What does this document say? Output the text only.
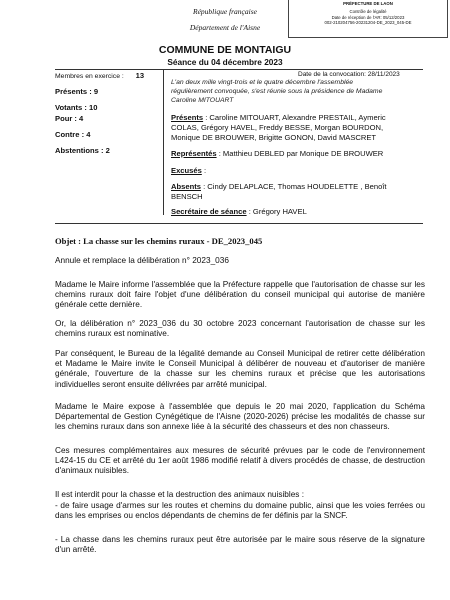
PRÉFECTURE DE LAON
Contrôle de légalité
Date de réception de l'AR: 05/12/2023
002-210204756-20231204-DE_2023_045-DE
République française
Département de l'Aisne
COMMUNE DE MONTAIGU
Séance du 04 décembre 2023
Membres en exercice : 13
Présents : 9
Votants : 10
Pour : 4
Contre : 4
Abstentions : 2
Date de la convocation: 28/11/2023
L'an deux mille vingt-trois et le quatre décembre l'assemblée
régulièrement convoquée, s'est réunie sous la présidence de Madame
Caroline MITOUART
Présents : Caroline MITOUART, Alexandre PRESTAIL, Aymeric
COLAS, Grégory HAVEL, Freddy BESSE, Morgan BOURDON,
Monique DE BROUWER, Brigitte GONON, David MASCRET
Représentés : Matthieu DEBLED par Monique DE BROUWER
Excusés :
Absents : Cindy DELAPLACE, Thomas HOUDELETTE , Benoît
BENSCH
Secrétaire de séance : Grégory HAVEL
Objet : La chasse sur les chemins ruraux - DE_2023_045
Annule et remplace la délibération n° 2023_036
Madame le Maire informe l'assemblée que la Préfecture rappelle que l'autorisation de chasse sur les chemins ruraux doit faire l'objet d'une délibération du conseil municipal qui autorise de manière générale cette dernière.
Or, la délibération n° 2023_036 du 30 octobre 2023 concernant l'autorisation de chasse sur les chemins ruraux est nominative.
Par conséquent, le Bureau de la légalité demande au Conseil Municipal de retirer cette délibération et Madame le Maire invite le Conseil Municipal à délibérer de nouveau et d'autoriser de manière générale, l'ouverture de la chasse sur les chemins ruraux et précise que les autorisations individuelles seront ensuite délivrées par arrêté municipal.
Madame le Maire expose à l'assemblée que depuis le 20 mai 2020, l'application du Schéma Départemental de Gestion Cynégétique de l'Aisne (2020-2026) précise les modalités de chasse sur les chemins ruraux dans son annexe liée à la sécurité des chasseurs et des non chasseurs.
Ces mesures complémentaires aux mesures de sécurité prévues par le code de l'environnement L424-15 du CE et arrêté du 1er août 1986 modifié relatif à divers procédés de chasse, de destruction d'animaux nuisibles.
Il est interdit pour la chasse et la destruction des animaux nuisibles :
- de faire usage d'armes sur les routes et chemins du domaine public, ainsi que les voies ferrées ou dans les emprises ou enclos dépendants de chemins de fer définis par la SNCF.
- La chasse dans les chemins ruraux peut être autorisée par le maire sous réserve de la signature d'un arrêté.
